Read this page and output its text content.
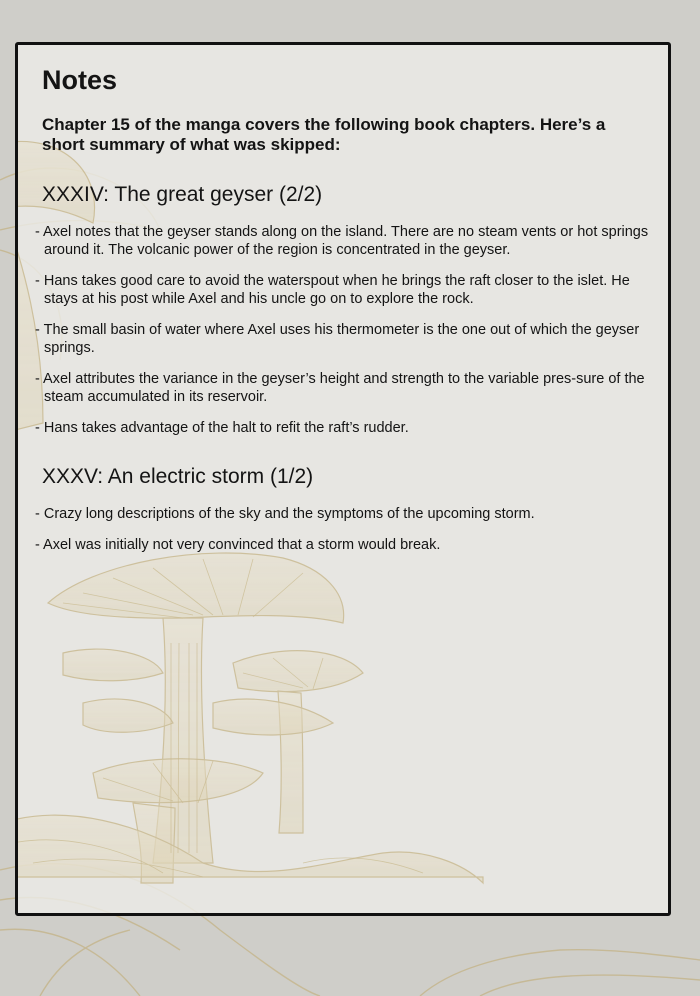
Notes

Chapter 15 of the manga covers the following book chapters. Here’s a short summary of what was skipped:

XXXIV: The great geyser (2/2)
- Axel notes that the geyser stands along on the island. There are no steam vents or hot springs around it. The volcanic power of the region is concentrated in the geyser.
- Hans takes good care to avoid the waterspout when he brings the raft closer to the islet. He stays at his post while Axel and his uncle go on to explore the rock.
- The small basin of water where Axel uses his thermometer is the one out of which the geyser springs.
- Axel attributes the variance in the geyser’s height and strength to the variable pres-sure of the steam accumulated in its reservoir.
- Hans takes advantage of the halt to refit the raft’s rudder.
XXXV: An electric storm (1/2)
- Crazy long descriptions of the sky and the symptoms of the upcoming storm.
- Axel was initially not very convinced that a storm would break.
